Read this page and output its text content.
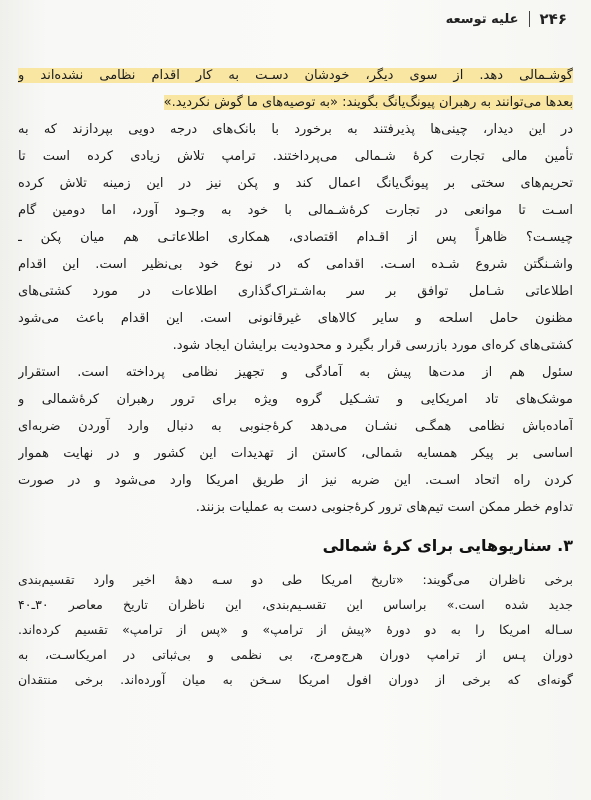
۲۴۶
علیه توسعه
گوشـمالی دهد. از سوی دیگر، خودشان دسـت به کار اقدام نظامی نشده‌اند و
بعدها می‌توانند به رهبران پیونگ‌یانگ بگویند: «به توصیه‌های ما گوش نکردید.»
در این دیدار، چینی‌ها پذیرفتند به برخورد با بانک‌های درجه دویی بپردازند که به
تأمین مالی تجارت کرهٔ شـمالی می‌پرداختند. ترامپ تلاش زیادی کرده است تا
تحریم‌های سختی بر پیونگ‌یانگ اعمال کند و پکن نیز در این زمینه تلاش کرده
اسـت تا موانعی در تجارت کرهٔ‌شـمالی با خود به وجـود آورد، اما دومین گام
چیسـت؟ ظاهراً پس از اقـدام اقتصادی، همکاری اطلاعاتـی هم میان پکن ـ
واشـنگتن شروع شـده اسـت. اقدامی که در نوع خود بی‌نظیر است. این اقدام
اطلاعاتی شـامل توافق بر سر به‌اشـتراک‌گذاری اطلاعات در مورد کشتی‌های
مظنون حامل اسلحه و سایر کالاهای غیرقانونی است. این اقدام باعث می‌شود
کشتی‌های کره‌ای مورد بازرسی قرار بگیرد و محدودیت برایشان ایجاد شود.
سئول هم از مدت‌ها پیش به آمادگی و تجهیز نظامی پرداخته است. استقرار
موشک‌های تاد امریکایی و تشـکیل گروه ویژه برای ترور رهبران کرهٔ‌شمالی و
آماده‌باش نظامی همگـی نشـان می‌دهد کرهٔ‌جنوبی به دنبال وارد آوردن ضربه‌ای
اساسی بر پیکر همسایه شمالی، کاستن از تهدیدات این کشور و در نهایت هموار
کردن راه اتحاد اسـت. این ضربه نیز از طریق امریکا وارد می‌شود و در صورت
تداوم خطر ممکن است تیم‌های ترور کرهٔ‌جنوبی دست به عملیات بزنند.
۳. سناریوهایی برای کرهٔ شمالی
برخی ناظران می‌گویند: «تاریخ امریکا طی دو سـه دههٔ اخیر وارد تقسیم‌بندی
جدید شده است.» براساس این تقسـیم‌بندی، این ناظران تاریخ معاصر ۳۰ـ۴۰
سـاله امریکا را به دو دورهٔ «پیش از ترامپ» و «پس از ترامپ» تقسیم کرده‌اند.
دوران پـس از ترامپ دوران هرج‌ومرج، بی نظمی و بی‌ثباتی در امریکاسـت، به
گونه‌ای که برخی از دوران افول امریکا سـخن به میان آورده‌اند. برخی منتقدان
